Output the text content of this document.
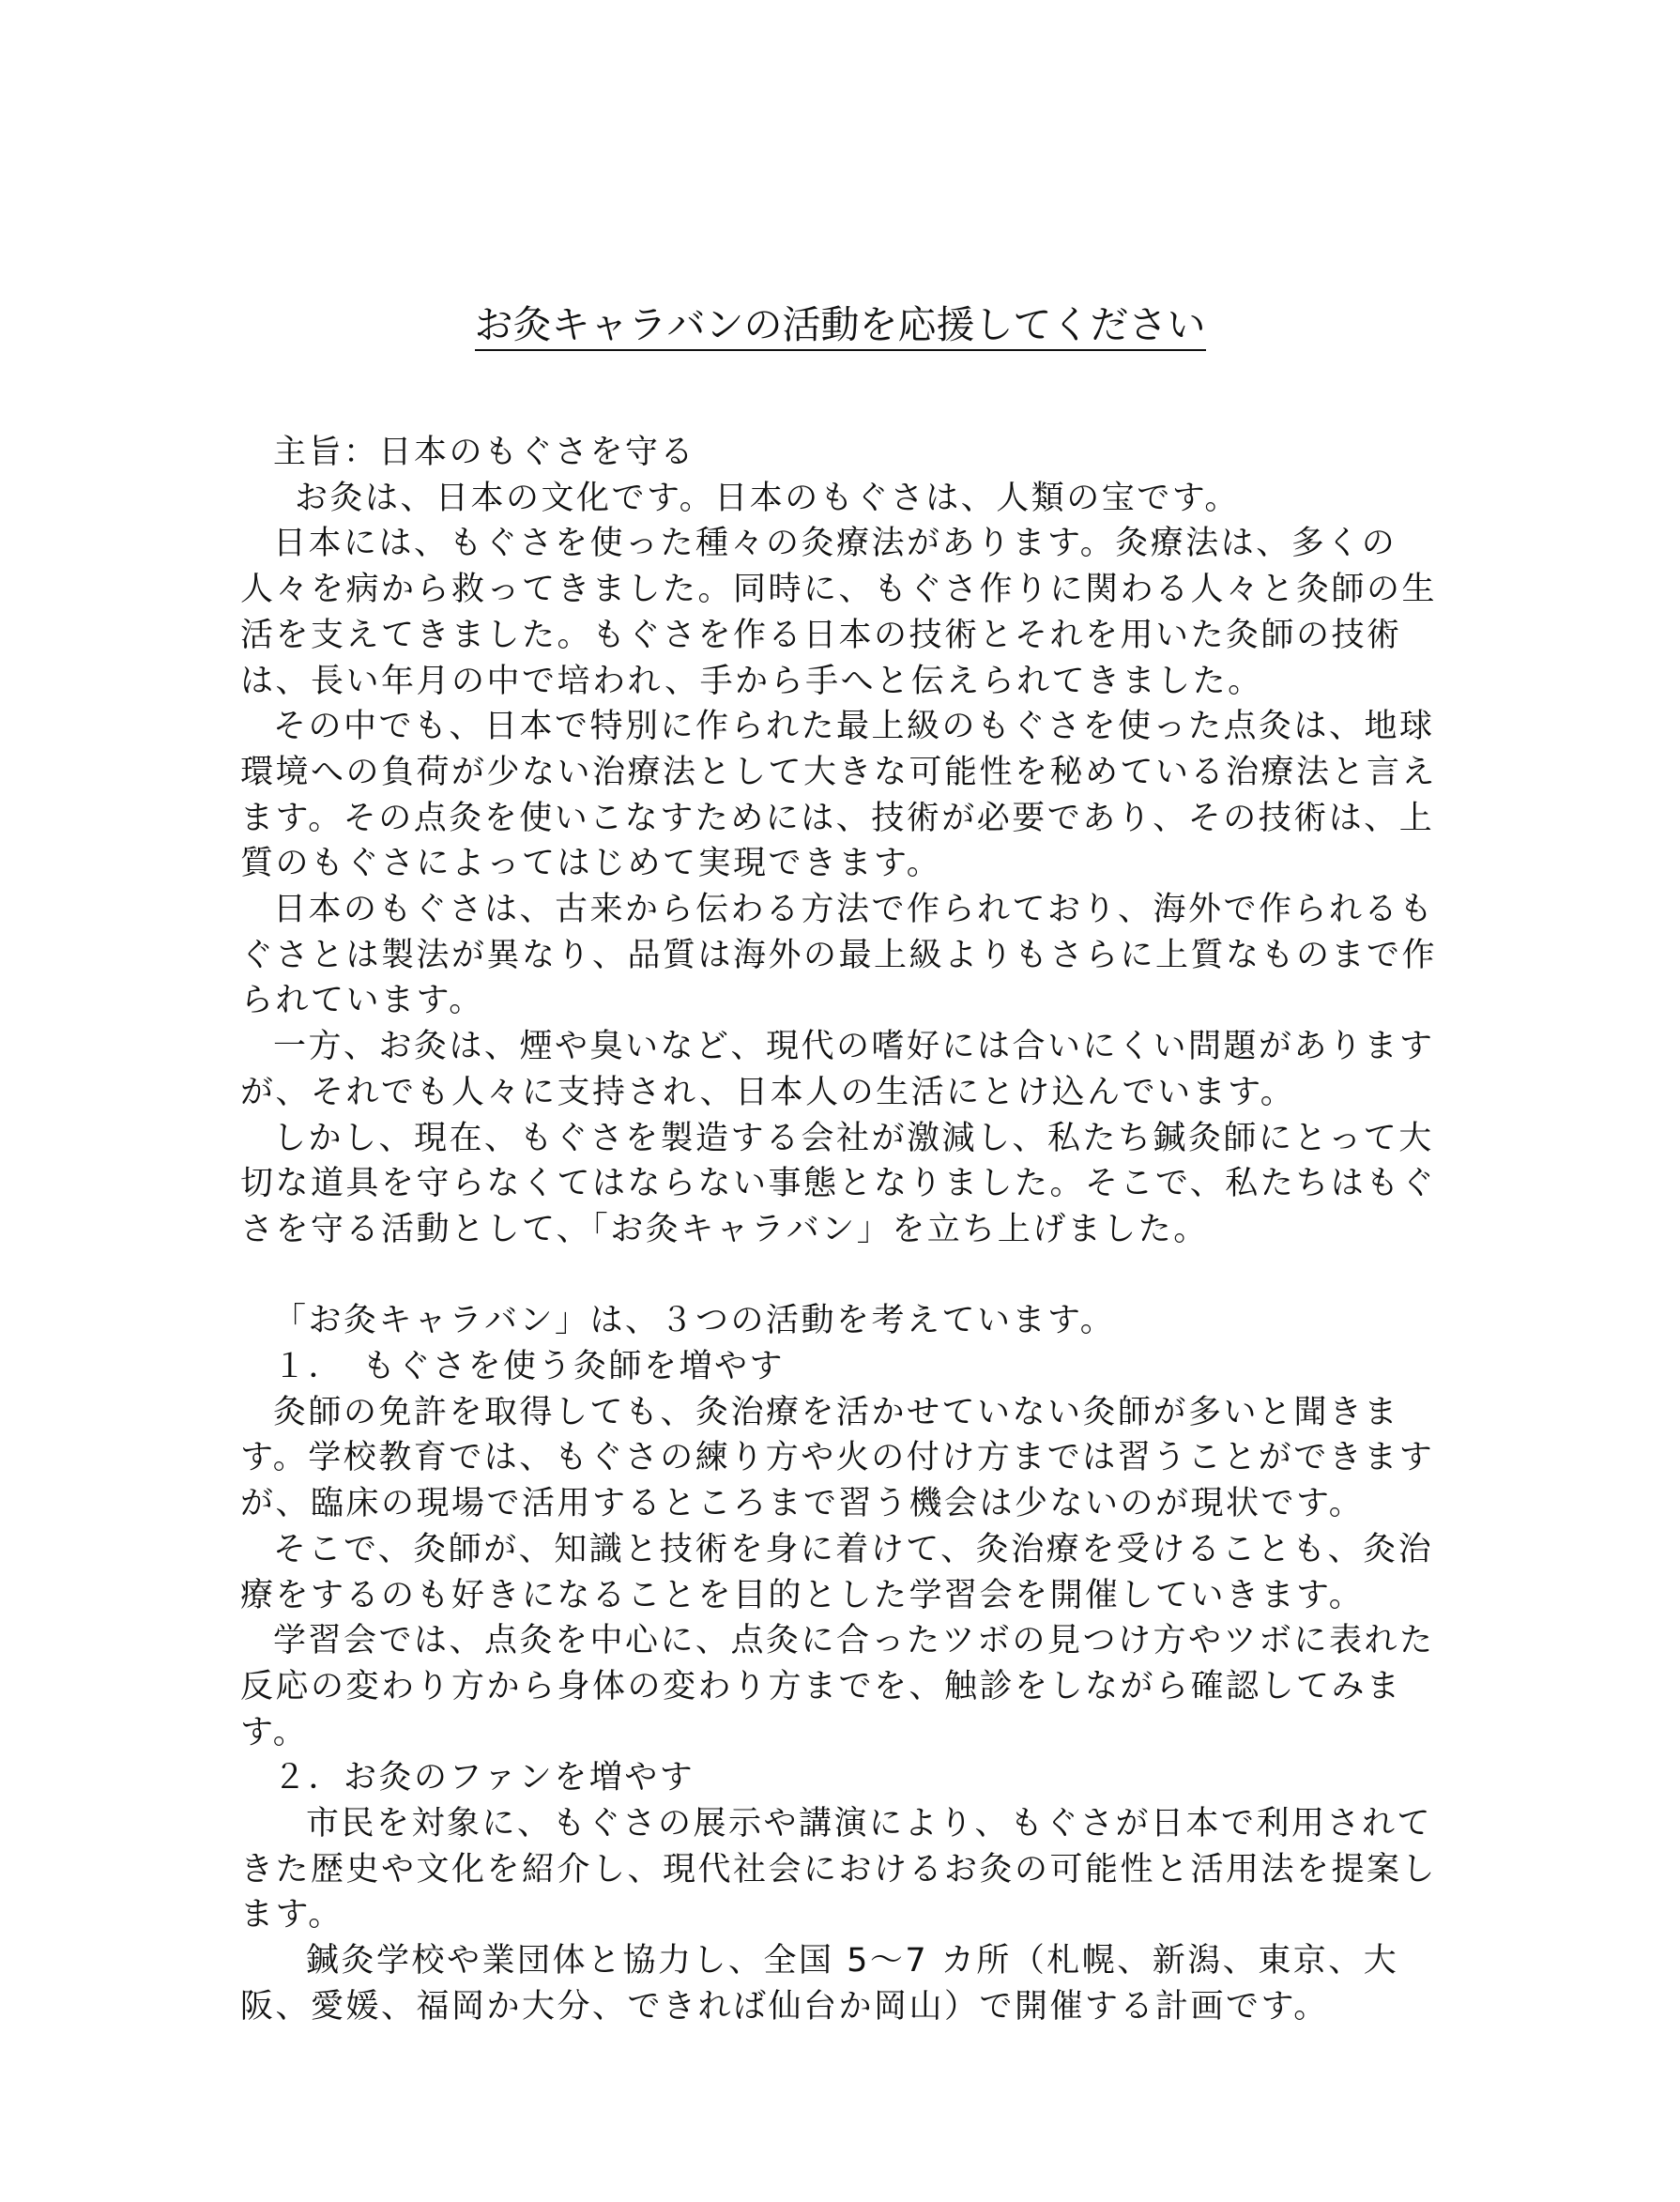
お灸キャラバンの活動を応援してください

主旨：日本のもぐさを守る

お灸は、日本の文化です。日本のもぐさは、人類の宝です。

日本には、もぐさを使った種々の灸療法があります。灸療法は、多くの人々を病から救ってきました。同時に、もぐさ作りに関わる人々と灸師の生活を支えてきました。もぐさを作る日本の技術とそれを用いた灸師の技術は、長い年月の中で培われ、手から手へと伝えられてきました。

その中でも、日本で特別に作られた最上級のもぐさを使った点灸は、地球環境への負荷が少ない治療法として大きな可能性を秘めている治療法と言えます。その点灸を使いこなすためには、技術が必要であり、その技術は、上質のもぐさによってはじめて実現できます。

日本のもぐさは、古来から伝わる方法で作られており、海外で作られるもぐさとは製法が異なり、品質は海外の最上級よりもさらに上質なものまで作られています。

一方、お灸は、煙や臭いなど、現代の嗜好には合いにくい問題がありますが、それでも人々に支持され、日本人の生活にとけ込んでいます。

しかし、現在、もぐさを製造する会社が激減し、私たち鍼灸師にとって大切な道具を守らなくてはならない事態となりました。そこで、私たちはもぐさを守る活動として、「お灸キャラバン」を立ち上げました。

「お灸キャラバン」は、３つの活動を考えています。

１．　もぐさを使う灸師を増やす

灸師の免許を取得しても、灸治療を活かせていない灸師が多いと聞きます。学校教育では、もぐさの練り方や火の付け方までは習うことができますが、臨床の現場で活用するところまで習う機会は少ないのが現状です。

そこで、灸師が、知識と技術を身に着けて、灸治療を受けることも、灸治療をするのも好きになることを目的とした学習会を開催していきます。

学習会では、点灸を中心に、点灸に合ったツボの見つけ方やツボに表れた反応の変わり方から身体の変わり方までを、触診をしながら確認してみます。

２．お灸のファンを増やす

市民を対象に、もぐさの展示や講演により、もぐさが日本で利用されてきた歴史や文化を紹介し、現代社会におけるお灸の可能性と活用法を提案します。

鍼灸学校や業団体と協力し、全国 5〜7 カ所（札幌、新潟、東京、大阪、愛媛、福岡か大分、できれば仙台か岡山）で開催する計画です。
